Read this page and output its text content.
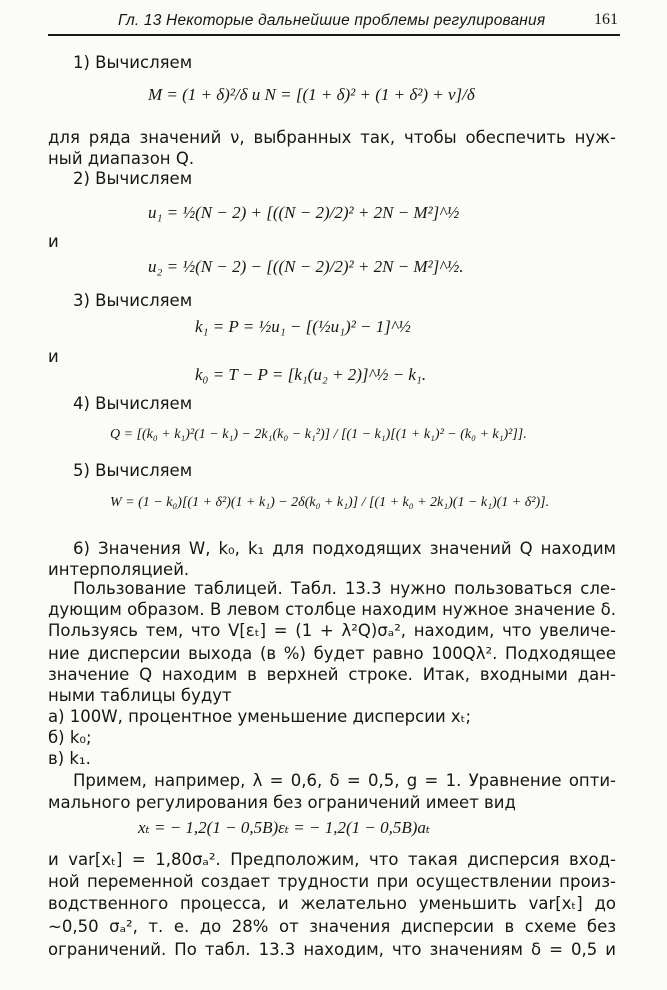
Гл. 13 Некоторые дальнейшие проблемы регулирования	161
1) Вычисляем
M = (1 + δ)²/δ и N = [(1 + δ)² + (1 + δ²) + ν]/δ
для ряда значений ν, выбранных так, чтобы обеспечить нуж-
ный диапазон Q.
2) Вычисляем
u₁ = ½(N − 2) + [((N − 2)/2)² + 2N − M²]^½
и
u₂ = ½(N − 2) − [((N − 2)/2)² + 2N − M²]^½.
3) Вычисляем
k₁ = P = ½u₁ − [(½u₁)² − 1]^½
и
k₀ = T − P = [k₁(u₂ + 2)]^½ − k₁.
4) Вычисляем
Q = [(k₀ + k₁)²(1 − k₁) − 2k₁(k₀ − k₁²)] / [(1 − k₁)[(1 + k₁)² − (k₀ + k₁)²]].
5) Вычисляем
W = (1 − k₀)[(1 + δ²)(1 + k₁) − 2δ(k₀ + k₁)] / [(1 + k₀ + 2k₁)(1 − k₁)(1 + δ²)].
6) Значения W, k₀, k₁ для подходящих значений Q находим
интерполяцией.
Пользование таблицей. Табл. 13.3 нужно пользоваться сле-
дующим образом. В левом столбце находим нужное значение δ.
Пользуясь тем, что V[εₜ] = (1 + λ²Q)σₐ², находим, что увеличе-
ние дисперсии выхода (в %) будет равно 100Qλ². Подходящее
значение Q находим в верхней строке. Итак, входными дан-
ными таблицы будут
а) 100W, процентное уменьшение дисперсии xₜ;
б) k₀;
в) k₁.
Примем, например, λ = 0,6, δ = 0,5, g = 1. Уравнение опти-
мального регулирования без ограничений имеет вид
xₜ = − 1,2(1 − 0,5B)εₜ = − 1,2(1 − 0,5B)aₜ
и var[xₜ] = 1,80σₐ². Предположим, что такая дисперсия вход-
ной переменной создает трудности при осуществлении произ-
водственного процесса, и желательно уменьшить var[xₜ] до
∼0,50 σₐ², т. е. до 28% от значения дисперсии в схеме без
ограничений. По табл. 13.3 находим, что значениям δ = 0,5 и
